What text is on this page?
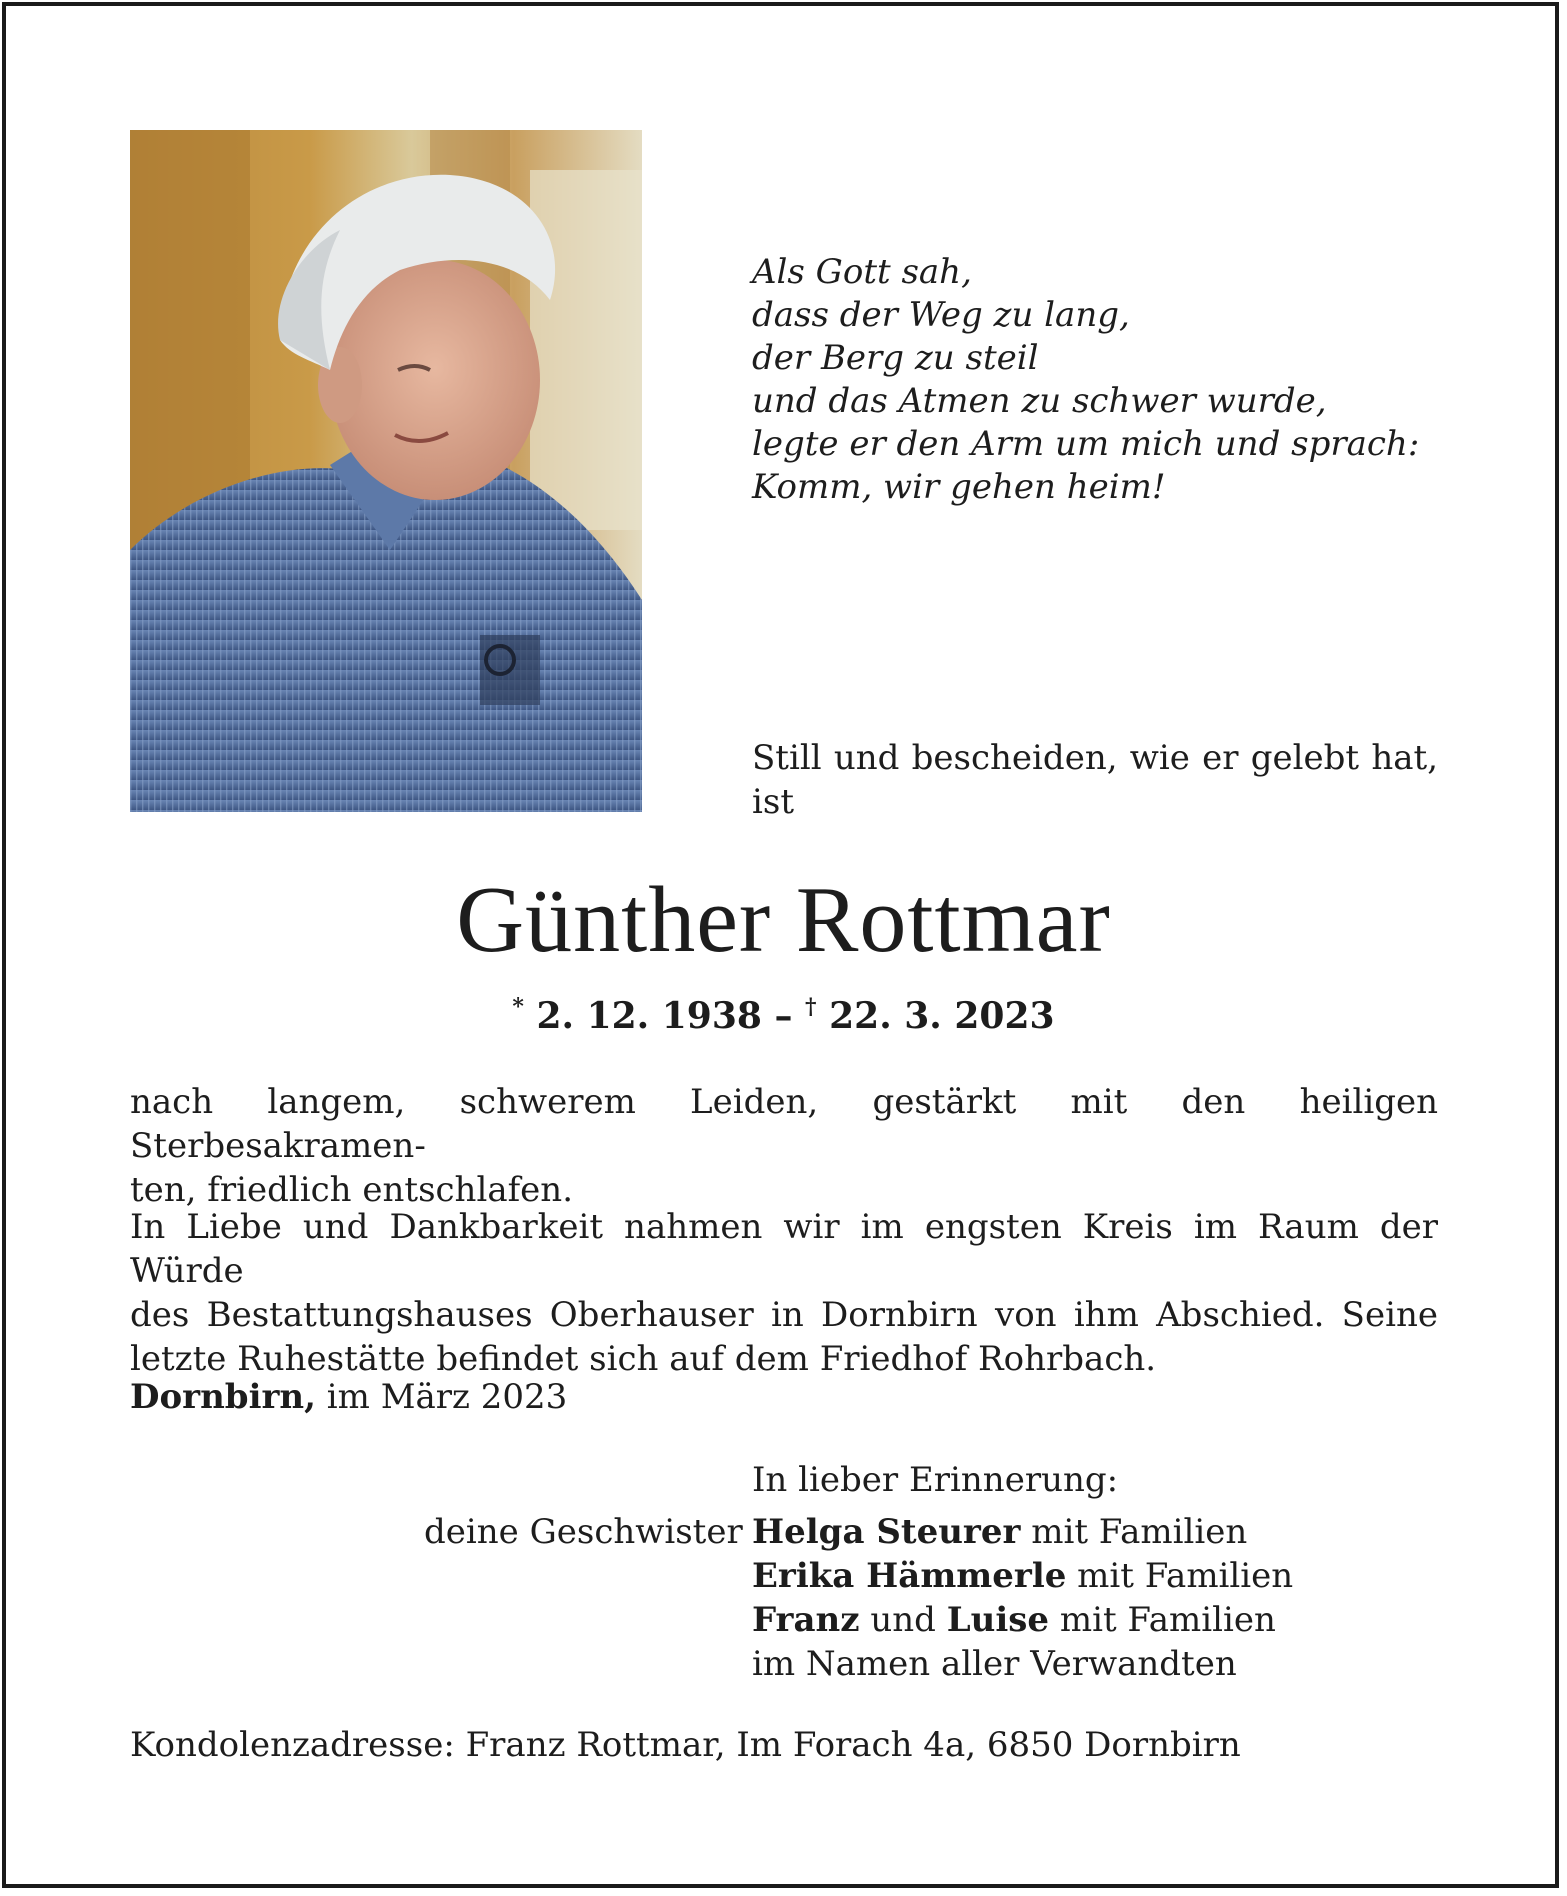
Als Gott sah,
dass der Weg zu lang,
der Berg zu steil
und das Atmen zu schwer wurde,
legte er den Arm um mich und sprach:
Komm, wir gehen heim!
Still und bescheiden, wie er gelebt hat,
ist
Günther Rottmar
* 2. 12. 1938 – † 22. 3. 2023
nach langem, schwerem Leiden, gestärkt mit den heiligen Sterbesakramen-
ten, friedlich entschlafen.
In Liebe und Dankbarkeit nahmen wir im engsten Kreis im Raum der Würde
des Bestattungshauses Oberhauser in Dornbirn von ihm Abschied. Seine
letzte Ruhestätte befindet sich auf dem Friedhof Rohrbach.
Dornbirn, im März 2023
In lieber Erinnerung:
deine Geschwister Helga Steurer mit Familien
Erika Hämmerle mit Familien
Franz und Luise mit Familien
im Namen aller Verwandten
Kondolenzadresse: Franz Rottmar, Im Forach 4a, 6850 Dornbirn
